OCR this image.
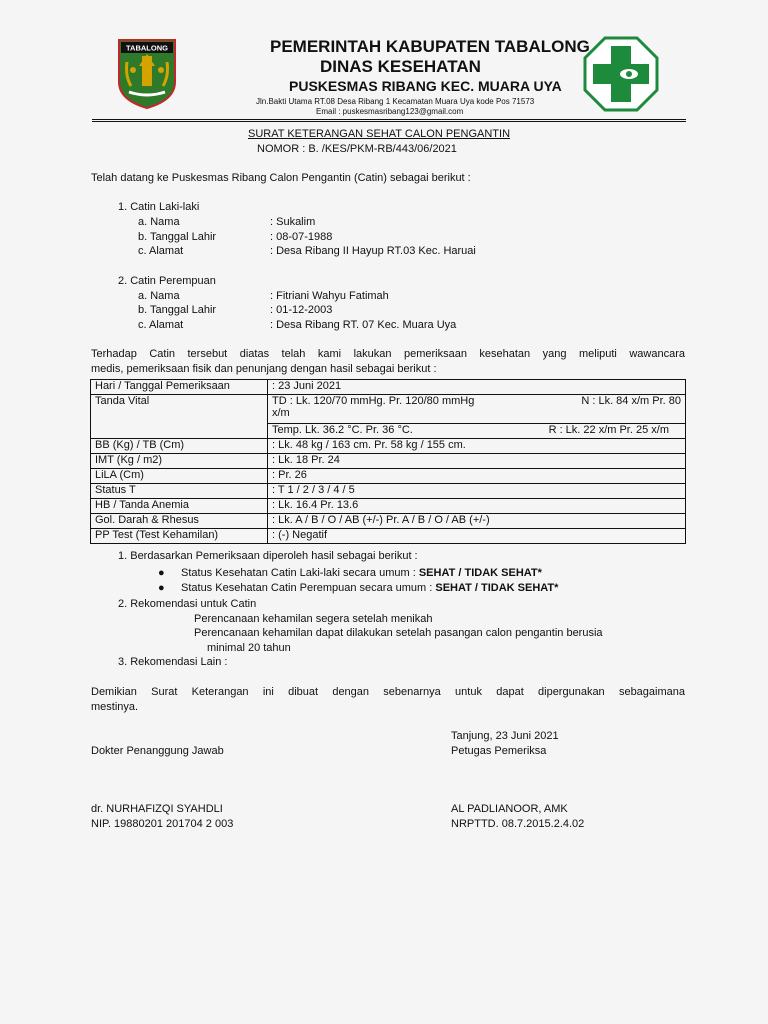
TABALONG	PEMERINTAH KABUPATEN TABALONG
DINAS KESEHATAN
PUSKESMAS RIBANG KEC. MUARA UYA
Jln.Bakti Utama RT.08 Desa Ribang 1 Kecamatan Muara Uya kode Pos 71573
Email : puskesmasribang123@gmail.com
SURAT KETERANGAN SEHAT CALON PENGANTIN
NOMOR : B. /KES/PKM-RB/443/06/2021
Telah datang ke Puskesmas Ribang Calon Pengantin (Catin) sebagai berikut :
1. Catin Laki-laki
a. Nama	: Sukalim
b. Tanggal Lahir	: 08-07-1988
c. Alamat	: Desa Ribang II Hayup RT.03 Kec. Haruai
2. Catin Perempuan
a. Nama	: Fitriani Wahyu Fatimah
b. Tanggal Lahir	: 01-12-2003
c. Alamat	: Desa Ribang RT. 07 Kec. Muara Uya
Terhadap Catin tersebut diatas telah kami lakukan pemeriksaan kesehatan yang meliputi wawancara
medis, pemeriksaan fisik dan penunjang dengan hasil sebagai berikut :
Hari / Tanggal Pemeriksaan	: 23 Juni 2021
Tanda Vital	TD : Lk. 120/70 mmHg. Pr. 120/80 mmHg N : Lk. 84 x/m Pr. 80
x/m

	Temp. Lk. 36.2 °C. Pr. 36 °C. R : Lk. 22 x/m Pr. 25 x/m

BB (Kg) / TB (Cm)	: Lk. 48 kg / 163 cm. Pr. 58 kg / 155 cm.
IMT (Kg / m2)	: Lk. 18 Pr. 24
LiLA (Cm)	: Pr. 26
Status T	: T 1 / 2 / 3 / 4 / 5
HB / Tanda Anemia	: Lk. 16.4 Pr. 13.6
Gol. Darah & Rhesus	: Lk. A / B / O / AB (+/-) Pr. A / B / O / AB (+/-)
PP Test (Test Kehamilan)	: (-) Negatif
1. Berdasarkan Pemeriksaan diperoleh hasil sebagai berikut :
● Status Kesehatan Catin Laki-laki secara umum : SEHAT / TIDAK SEHAT*
● Status Kesehatan Catin Perempuan secara umum : SEHAT / TIDAK SEHAT*
2. Rekomendasi untuk Catin
Perencanaan kehamilan segera setelah menikah
Perencanaan kehamilan dapat dilakukan setelah pasangan calon pengantin berusia
minimal 20 tahun
3. Rekomendasi Lain :
Demikian Surat Keterangan ini dibuat dengan sebenarnya untuk dapat dipergunakan sebagaimana
mestinya.
Tanjung, 23 Juni 2021
Dokter Penanggung Jawab	Petugas Pemeriksa
dr. NURHAFIZQI SYAHDLI
NIP. 19880201 201704 2 003
AL PADLIANOOR, AMK
NRPTTD. 08.7.2015.2.4.02
